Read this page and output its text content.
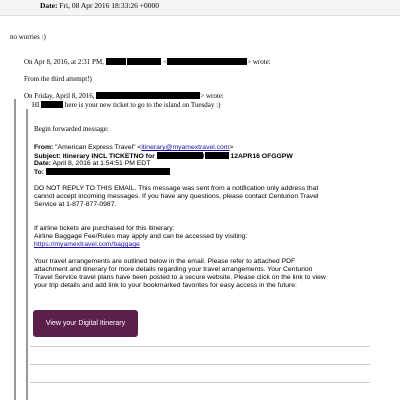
Date: Fri, 08 Apr 2016 18:33:26 +0000
no worries :)
On Apr 8, 2016, at 2:31 PM,	<	> wrote:
From the third attempt!)
On Friday, April 8, 2016,	> wrote:
HI	here is your new ticket to go to the island on Tuesday :)
Begin forwarded message:
From: "American Express Travel" <itinerary@myamextravel.com>
Subject: Itinerary INCL TICKETNO for	12APR16 OFGGPW
Date: April 8, 2016 at 1:54:51 PM EDT
To:
DO NOT REPLY TO THIS EMAIL. This message was sent from a notification only address that
cannot accept incoming messages. If you have any questions, please contact Centurion Travel
Service at 1-877-877-0987.
If airline tickets are purchased for this itinerary:
Airline Baggage Fee/Rules may apply and can be accessed by visiting:
https://myamextravel.com/baggage
Your travel arrangements are outlined below in the email. Please refer to attached PDF
attachment and itinerary for more details regarding your travel arrangements. Your Centurion
Travel Service travel plans have been posted to a secure website. Please click on the link to view
your trip details and add link to your bookmarked favorites for easy access in the future:
View your Digital Itinerary
